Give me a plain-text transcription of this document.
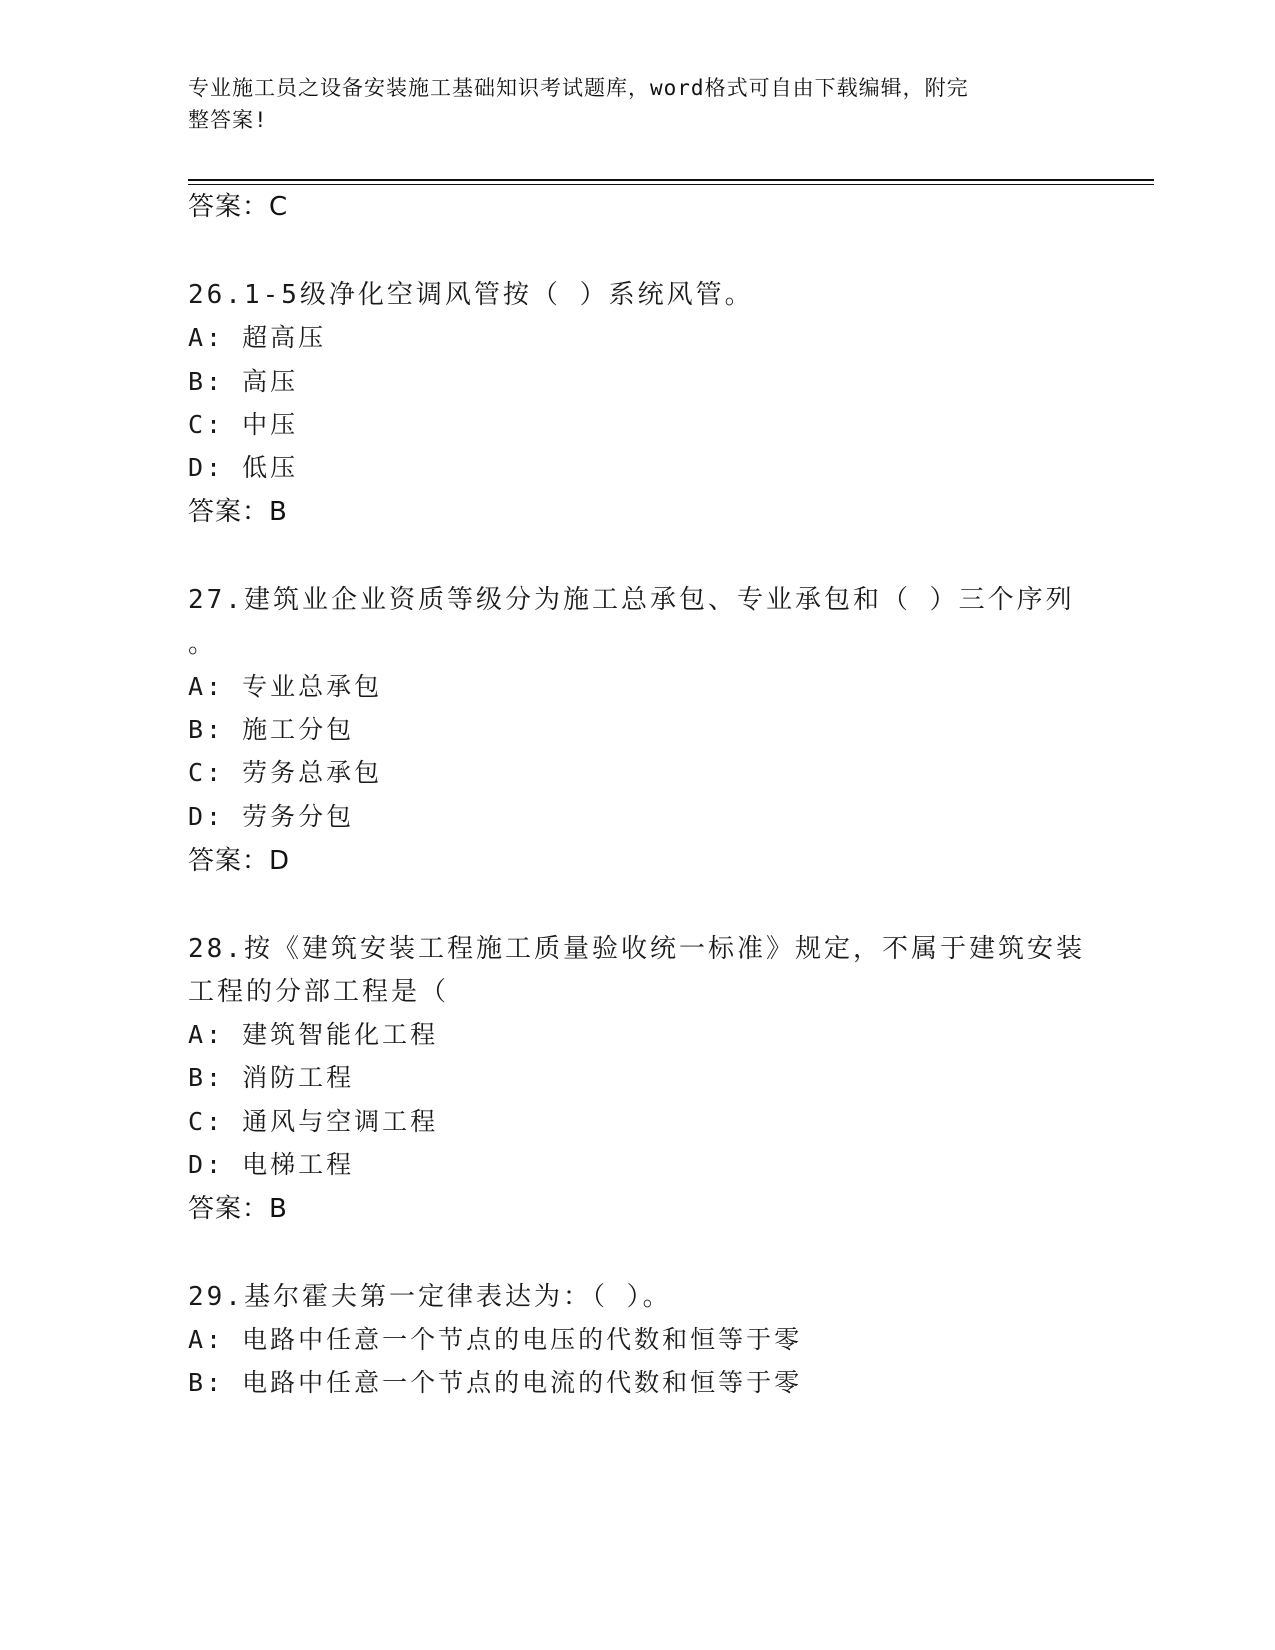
专业施工员之设备安装施工基础知识考试题库，word格式可自由下载编辑，附完
整答案!
答案：C
26.1-5级净化空调风管按（ ）系统风管。
A: 超高压
B: 高压
C: 中压
D: 低压
答案：B
27.建筑业企业资质等级分为施工总承包、专业承包和（ ）三个序列
。
A: 专业总承包
B: 施工分包
C: 劳务总承包
D: 劳务分包
答案：D
28.按《建筑安装工程施工质量验收统一标准》规定，不属于建筑安装
工程的分部工程是（
A: 建筑智能化工程
B: 消防工程
C: 通风与空调工程
D: 电梯工程
答案：B
29.基尔霍夫第一定律表达为：（ ）。
A: 电路中任意一个节点的电压的代数和恒等于零
B: 电路中任意一个节点的电流的代数和恒等于零
